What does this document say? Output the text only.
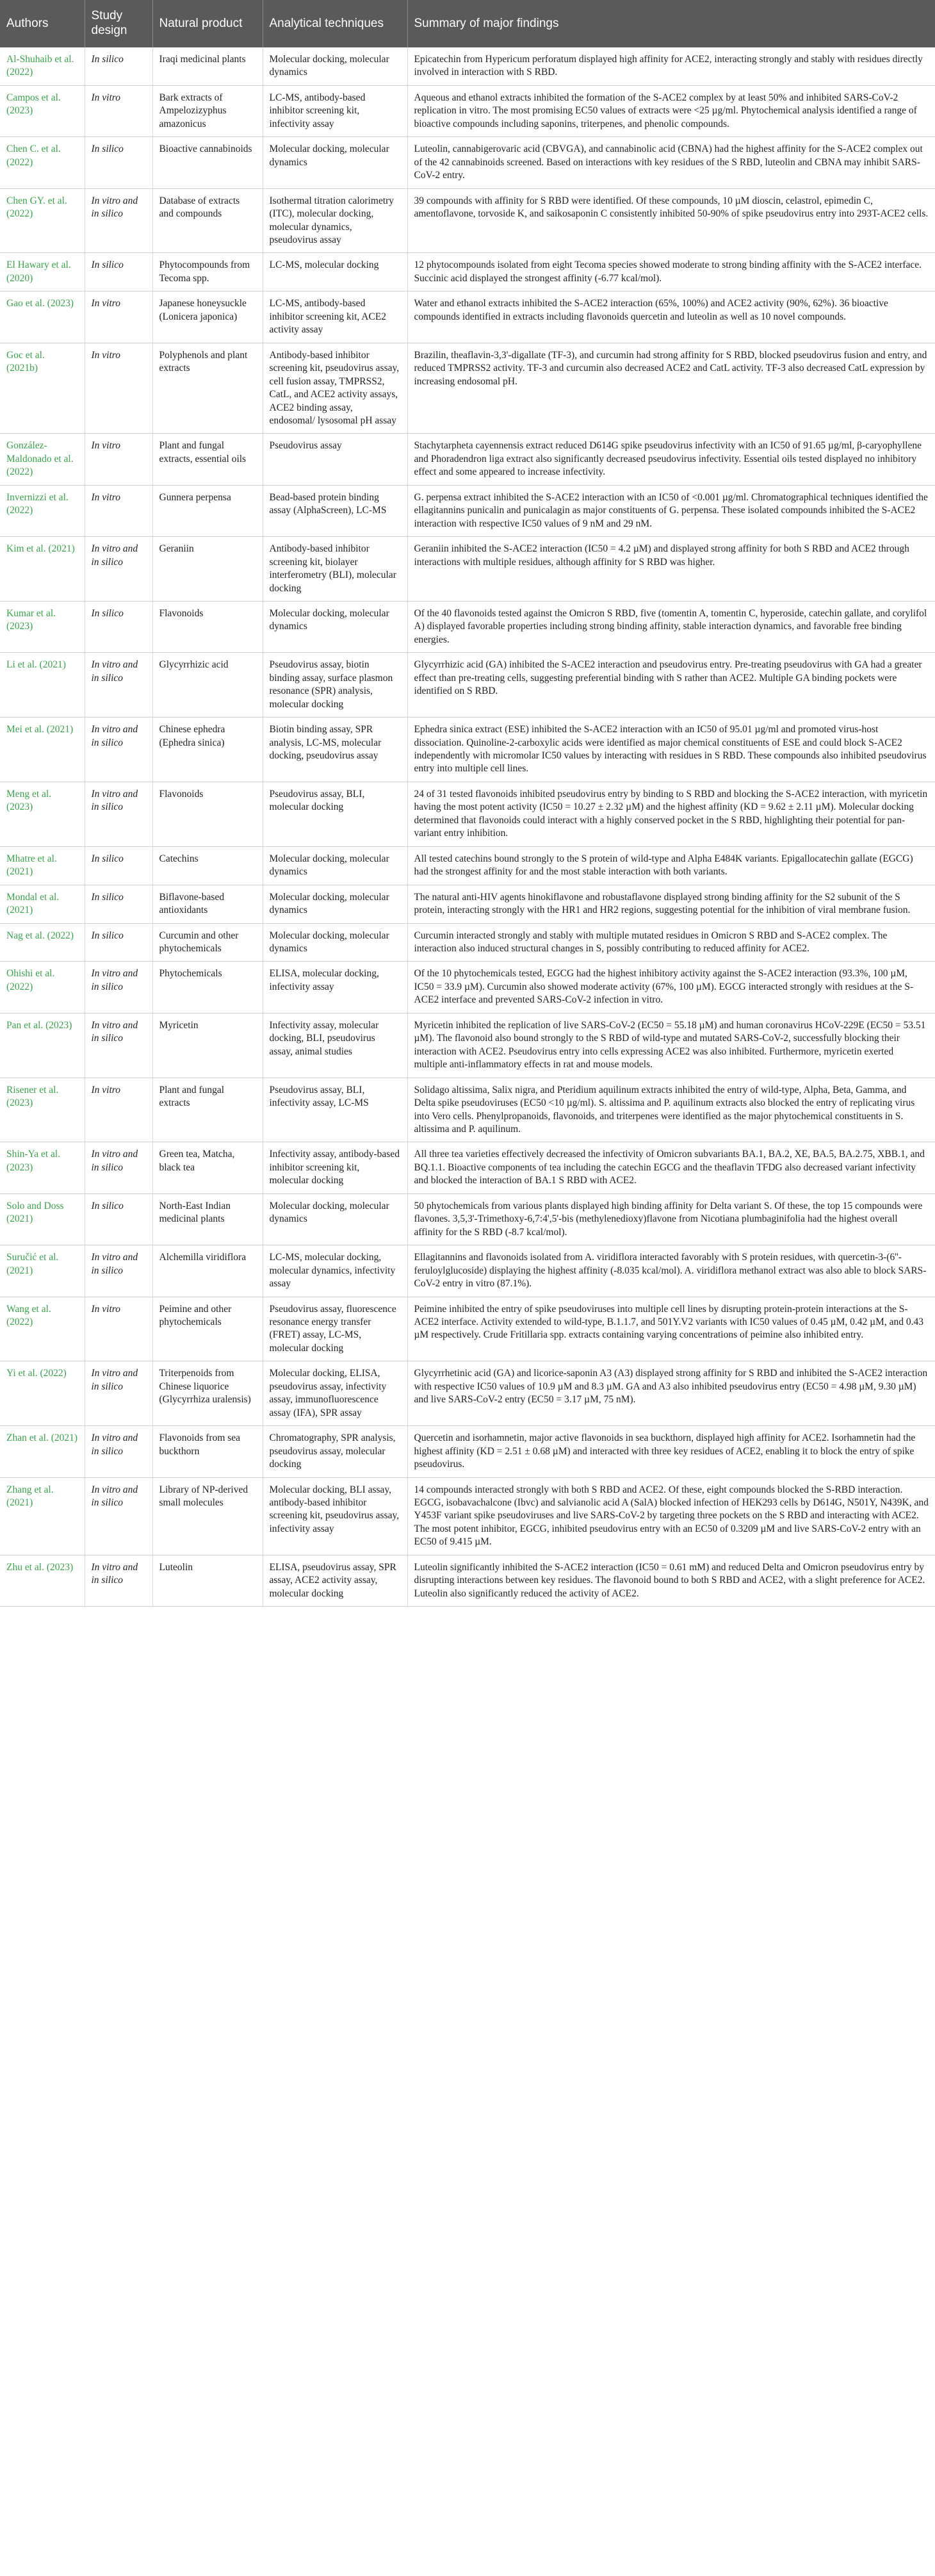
Authors	Study design	Natural product	Analytical techniques	Summary of major findings
Al-Shuhaib et al. (2022)	In silico	Iraqi medicinal plants	Molecular docking, molecular dynamics	Epicatechin from Hypericum perforatum displayed high affinity for ACE2, interacting strongly and stably with residues directly involved in interaction with S RBD.
Campos et al. (2023)	In vitro	Bark extracts of Ampelozizyphus amazonicus	LC-MS, antibody-based inhibitor screening kit, infectivity assay	Aqueous and ethanol extracts inhibited the formation of the S-ACE2 complex by at least 50% and inhibited SARS-CoV-2 replication in vitro. The most promising EC50 values of extracts were <25 µg/ml. Phytochemical analysis identified a range of bioactive compounds including saponins, triterpenes, and phenolic compounds.
Chen C. et al. (2022)	In silico	Bioactive cannabinoids	Molecular docking, molecular dynamics	Luteolin, cannabigerovaric acid (CBVGA), and cannabinolic acid (CBNA) had the highest affinity for the S-ACE2 complex out of the 42 cannabinoids screened. Based on interactions with key residues of the S RBD, luteolin and CBNA may inhibit SARS-CoV-2 entry.
Chen GY. et al. (2022)	In vitro and in silico	Database of extracts and compounds	Isothermal titration calorimetry (ITC), molecular docking, molecular dynamics, pseudovirus assay	39 compounds with affinity for S RBD were identified. Of these compounds, 10 µM dioscin, celastrol, epimedin C, amentoflavone, torvoside K, and saikosaponin C consistently inhibited 50-90% of spike pseudovirus entry into 293T-ACE2 cells.
El Hawary et al. (2020)	In silico	Phytocompounds from Tecoma spp.	LC-MS, molecular docking	12 phytocompounds isolated from eight Tecoma species showed moderate to strong binding affinity with the S-ACE2 interface. Succinic acid displayed the strongest affinity (-6.77 kcal/mol).
Gao et al. (2023)	In vitro	Japanese honeysuckle (Lonicera japonica)	LC-MS, antibody-based inhibitor screening kit, ACE2 activity assay	Water and ethanol extracts inhibited the S-ACE2 interaction (65%, 100%) and ACE2 activity (90%, 62%). 36 bioactive compounds identified in extracts including flavonoids quercetin and luteolin as well as 10 novel compounds.
Goc et al. (2021b)	In vitro	Polyphenols and plant extracts	Antibody-based inhibitor screening kit, pseudovirus assay, cell fusion assay, TMPRSS2, CatL, and ACE2 activity assays, ACE2 binding assay, endosomal/ lysosomal pH assay	Brazilin, theaflavin-3,3'-digallate (TF-3), and curcumin had strong affinity for S RBD, blocked pseudovirus fusion and entry, and reduced TMPRSS2 activity. TF-3 and curcumin also decreased ACE2 and CatL activity. TF-3 also decreased CatL expression by increasing endosomal pH.
González-Maldonado et al. (2022)	In vitro	Plant and fungal extracts, essential oils	Pseudovirus assay	Stachytarpheta cayennensis extract reduced D614G spike pseudovirus infectivity with an IC50 of 91.65 µg/ml, β-caryophyllene and Phoradendron liga extract also significantly decreased pseudovirus infectivity. Essential oils tested displayed no inhibitory effect and some appeared to increase infectivity.
Invernizzi et al. (2022)	In vitro	Gunnera perpensa	Bead-based protein binding assay (AlphaScreen), LC-MS	G. perpensa extract inhibited the S-ACE2 interaction with an IC50 of <0.001 µg/ml. Chromatographical techniques identified the ellagitannins punicalin and punicalagin as major constituents of G. perpensa. These isolated compounds inhibited the S-ACE2 interaction with respective IC50 values of 9 nM and 29 nM.
Kim et al. (2021)	In vitro and in silico	Geraniin	Antibody-based inhibitor screening kit, biolayer interferometry (BLI), molecular docking	Geraniin inhibited the S-ACE2 interaction (IC50 = 4.2 µM) and displayed strong affinity for both S RBD and ACE2 through interactions with multiple residues, although affinity for S RBD was higher.
Kumar et al. (2023)	In silico	Flavonoids	Molecular docking, molecular dynamics	Of the 40 flavonoids tested against the Omicron S RBD, five (tomentin A, tomentin C, hyperoside, catechin gallate, and corylifol A) displayed favorable properties including strong binding affinity, stable interaction dynamics, and favorable free binding energies.
Li et al. (2021)	In vitro and in silico	Glycyrrhizic acid	Pseudovirus assay, biotin binding assay, surface plasmon resonance (SPR) analysis, molecular docking	Glycyrrhizic acid (GA) inhibited the S-ACE2 interaction and pseudovirus entry. Pre-treating pseudovirus with GA had a greater effect than pre-treating cells, suggesting preferential binding with S rather than ACE2. Multiple GA binding pockets were identified on S RBD.
Mei et al. (2021)	In vitro and in silico	Chinese ephedra (Ephedra sinica)	Biotin binding assay, SPR analysis, LC-MS, molecular docking, pseudovirus assay	Ephedra sinica extract (ESE) inhibited the S-ACE2 interaction with an IC50 of 95.01 µg/ml and promoted virus-host dissociation. Quinoline-2-carboxylic acids were identified as major chemical constituents of ESE and could block S-ACE2 independently with micromolar IC50 values by interacting with residues in S RBD. These compounds also inhibited pseudovirus entry into multiple cell lines.
Meng et al. (2023)	In vitro and in silico	Flavonoids	Pseudovirus assay, BLI, molecular docking	24 of 31 tested flavonoids inhibited pseudovirus entry by binding to S RBD and blocking the S-ACE2 interaction, with myricetin having the most potent activity (IC50 = 10.27 ± 2.32 µM) and the highest affinity (KD = 9.62 ± 2.11 µM). Molecular docking determined that flavonoids could interact with a highly conserved pocket in the S RBD, highlighting their potential for pan-variant entry inhibition.
Mhatre et al. (2021)	In silico	Catechins	Molecular docking, molecular dynamics	All tested catechins bound strongly to the S protein of wild-type and Alpha E484K variants. Epigallocatechin gallate (EGCG) had the strongest affinity for and the most stable interaction with both variants.
Mondal et al. (2021)	In silico	Biflavone-based antioxidants	Molecular docking, molecular dynamics	The natural anti-HIV agents hinokiflavone and robustaflavone displayed strong binding affinity for the S2 subunit of the S protein, interacting strongly with the HR1 and HR2 regions, suggesting potential for the inhibition of viral membrane fusion.
Nag et al. (2022)	In silico	Curcumin and other phytochemicals	Molecular docking, molecular dynamics	Curcumin interacted strongly and stably with multiple mutated residues in Omicron S RBD and S-ACE2 complex. The interaction also induced structural changes in S, possibly contributing to reduced affinity for ACE2.
Ohishi et al. (2022)	In vitro and in silico	Phytochemicals	ELISA, molecular docking, infectivity assay	Of the 10 phytochemicals tested, EGCG had the highest inhibitory activity against the S-ACE2 interaction (93.3%, 100 µM, IC50 = 33.9 µM). Curcumin also showed moderate activity (67%, 100 µM). EGCG interacted strongly with residues at the S-ACE2 interface and prevented SARS-CoV-2 infection in vitro.
Pan et al. (2023)	In vitro and in silico	Myricetin	Infectivity assay, molecular docking, BLI, pseudovirus assay, animal studies	Myricetin inhibited the replication of live SARS-CoV-2 (EC50 = 55.18 µM) and human coronavirus HCoV-229E (EC50 = 53.51 µM). The flavonoid also bound strongly to the S RBD of wild-type and mutated SARS-CoV-2, successfully blocking their interaction with ACE2. Pseudovirus entry into cells expressing ACE2 was also inhibited. Furthermore, myricetin exerted multiple anti-inflammatory effects in rat and mouse models.
Risener et al. (2023)	In vitro	Plant and fungal extracts	Pseudovirus assay, BLI, infectivity assay, LC-MS	Solidago altissima, Salix nigra, and Pteridium aquilinum extracts inhibited the entry of wild-type, Alpha, Beta, Gamma, and Delta spike pseudoviruses (EC50 <10 µg/ml). S. altissima and P. aquilinum extracts also blocked the entry of replicating virus into Vero cells. Phenylpropanoids, flavonoids, and triterpenes were identified as the major phytochemical constituents in S. altissima and P. aquilinum.
Shin-Ya et al. (2023)	In vitro and in silico	Green tea, Matcha, black tea	Infectivity assay, antibody-based inhibitor screening kit, molecular docking	All three tea varieties effectively decreased the infectivity of Omicron subvariants BA.1, BA.2, XE, BA.5, BA.2.75, XBB.1, and BQ.1.1. Bioactive components of tea including the catechin EGCG and the theaflavin TFDG also decreased variant infectivity and blocked the interaction of BA.1 S RBD with ACE2.
Solo and Doss (2021)	In silico	North-East Indian medicinal plants	Molecular docking, molecular dynamics	50 phytochemicals from various plants displayed high binding affinity for Delta variant S. Of these, the top 15 compounds were flavones. 3,5,3'-Trimethoxy-6,7:4',5'-bis (methylenedioxy)flavone from Nicotiana plumbaginifolia had the highest overall affinity for the S RBD (-8.7 kcal/mol).
Suručić et al. (2021)	In vitro and in silico	Alchemilla viridiflora	LC-MS, molecular docking, molecular dynamics, infectivity assay	Ellagitannins and flavonoids isolated from A. viridiflora interacted favorably with S protein residues, with quercetin-3-(6''-feruloylglucoside) displaying the highest affinity (-8.035 kcal/mol). A. viridiflora methanol extract was also able to block SARS-CoV-2 entry in vitro (87.1%).
Wang et al. (2022)	In vitro	Peimine and other phytochemicals	Pseudovirus assay, fluorescence resonance energy transfer (FRET) assay, LC-MS, molecular docking	Peimine inhibited the entry of spike pseudoviruses into multiple cell lines by disrupting protein-protein interactions at the S-ACE2 interface. Activity extended to wild-type, B.1.1.7, and 501Y.V2 variants with IC50 values of 0.45 µM, 0.42 µM, and 0.43 µM respectively. Crude Fritillaria spp. extracts containing varying concentrations of peimine also inhibited entry.
Yi et al. (2022)	In vitro and in silico	Triterpenoids from Chinese liquorice (Glycyrrhiza uralensis)	Molecular docking, ELISA, pseudovirus assay, infectivity assay, immunofluorescence assay (IFA), SPR assay	Glycyrrhetinic acid (GA) and licorice-saponin A3 (A3) displayed strong affinity for S RBD and inhibited the S-ACE2 interaction with respective IC50 values of 10.9 µM and 8.3 µM. GA and A3 also inhibited pseudovirus entry (EC50 = 4.98 µM, 9.30 µM) and live SARS-CoV-2 entry (EC50 = 3.17 µM, 75 nM).
Zhan et al. (2021)	In vitro and in silico	Flavonoids from sea buckthorn	Chromatography, SPR analysis, pseudovirus assay, molecular docking	Quercetin and isorhamnetin, major active flavonoids in sea buckthorn, displayed high affinity for ACE2. Isorhamnetin had the highest affinity (KD = 2.51 ± 0.68 µM) and interacted with three key residues of ACE2, enabling it to block the entry of spike pseudovirus.
Zhang et al. (2021)	In vitro and in silico	Library of NP-derived small molecules	Molecular docking, BLI assay, antibody-based inhibitor screening kit, pseudovirus assay, infectivity assay	14 compounds interacted strongly with both S RBD and ACE2. Of these, eight compounds blocked the S-RBD interaction. EGCG, isobavachalcone (Ibvc) and salvianolic acid A (SalA) blocked infection of HEK293 cells by D614G, N501Y, N439K, and Y453F variant spike pseudoviruses and live SARS-CoV-2 by targeting three pockets on the S RBD and interacting with ACE2. The most potent inhibitor, EGCG, inhibited pseudovirus entry with an EC50 of 0.3209 µM and live SARS-CoV-2 entry with an EC50 of 9.415 µM.
Zhu et al. (2023)	In vitro and in silico	Luteolin	ELISA, pseudovirus assay, SPR assay, ACE2 activity assay, molecular docking	Luteolin significantly inhibited the S-ACE2 interaction (IC50 = 0.61 mM) and reduced Delta and Omicron pseudovirus entry by disrupting interactions between key residues. The flavonoid bound to both S RBD and ACE2, with a slight preference for ACE2. Luteolin also significantly reduced the activity of ACE2.
